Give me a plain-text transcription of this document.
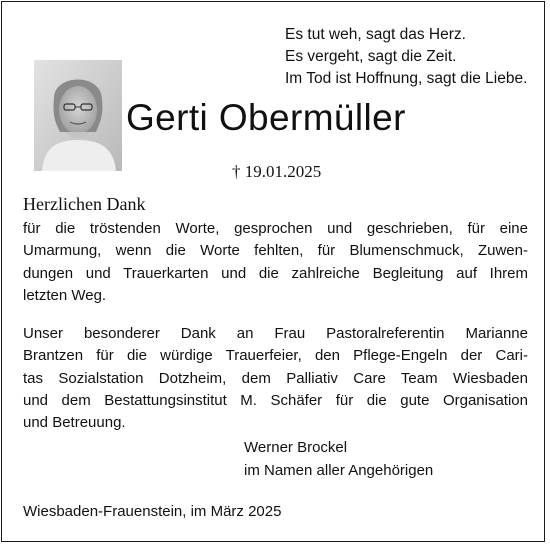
Es tut weh, sagt das Herz.
Es vergeht, sagt die Zeit.
Im Tod ist Hoffnung, sagt die Liebe.
Gerti Obermüller
† 19.01.2025
Herzlichen Dank
für die tröstenden Worte, gesprochen und geschrieben, für eine
Umarmung, wenn die Worte fehlten, für Blumenschmuck, Zuwen-
dungen und Trauerkarten und die zahlreiche Begleitung auf Ihrem
letzten Weg.
Unser besonderer Dank an Frau Pastoralreferentin Marianne
Brantzen für die würdige Trauerfeier, den Pflege-Engeln der Cari-
tas Sozialstation Dotzheim, dem Palliativ Care Team Wiesbaden
und dem Bestattungsinstitut M. Schäfer für die gute Organisation
und Betreuung.
Werner Brockel
im Namen aller Angehörigen
Wiesbaden-Frauenstein, im März 2025
